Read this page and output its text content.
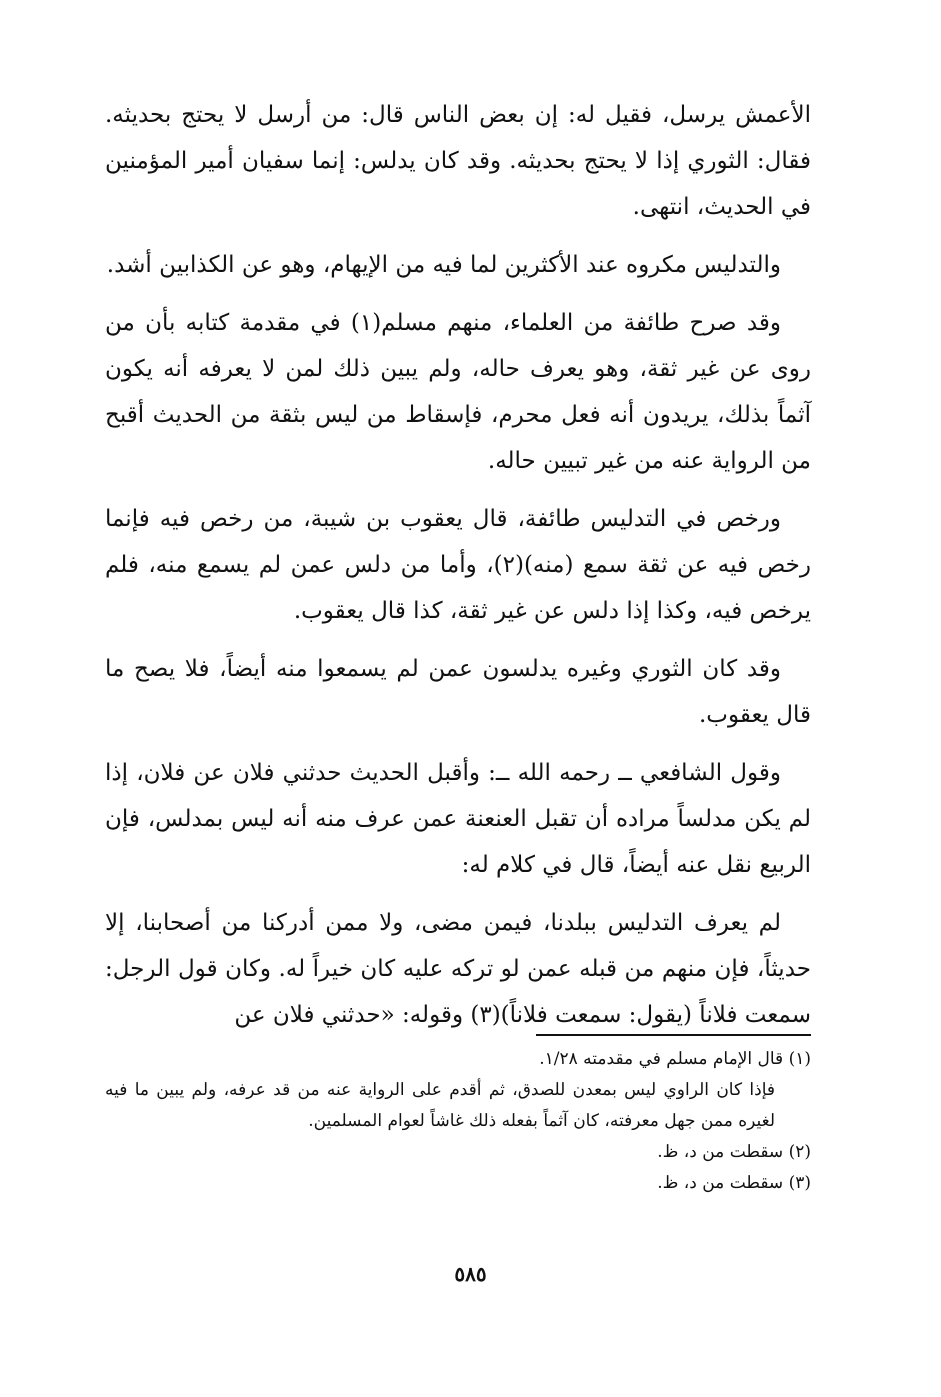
الأعمش يرسل، فقيل له: إن بعض الناس قال: من أرسل لا يحتج بحديثه. فقال: الثوري إذا لا يحتج بحديثه. وقد كان يدلس: إنما سفيان أمير المؤمنين في الحديث، انتهى.

والتدليس مكروه عند الأكثرين لما فيه من الإيهام، وهو عن الكذابين أشد.

وقد صرح طائفة من العلماء، منهم مسلم(١) في مقدمة كتابه بأن من روى عن غير ثقة، وهو يعرف حاله، ولم يبين ذلك لمن لا يعرفه أنه يكون آثماً بذلك، يريدون أنه فعل محرم، فإسقاط من ليس بثقة من الحديث أقبح من الرواية عنه من غير تبيين حاله.

ورخص في التدليس طائفة، قال يعقوب بن شيبة، من رخص فيه فإنما رخص فيه عن ثقة سمع (منه)(٢)، وأما من دلس عمن لم يسمع منه، فلم يرخص فيه، وكذا إذا دلس عن غير ثقة، كذا قال يعقوب.

وقد كان الثوري وغيره يدلسون عمن لم يسمعوا منه أيضاً، فلا يصح ما قال يعقوب.

وقول الشافعي ــ رحمه الله ــ: وأقبل الحديث حدثني فلان عن فلان، إذا لم يكن مدلساً مراده أن تقبل العنعنة عمن عرف منه أنه ليس بمدلس، فإن الربيع نقل عنه أيضاً، قال في كلام له:

لم يعرف التدليس ببلدنا، فيمن مضى، ولا ممن أدركنا من أصحابنا، إلا حديثاً، فإن منهم من قبله عمن لو تركه عليه كان خيراً له. وكان قول الرجل: سمعت فلاناً (يقول: سمعت فلاناً)(٣) وقوله: «حدثني فلان عن

(١) قال الإمام مسلم في مقدمته ١/٢٨.

فإذا كان الراوي ليس بمعدن للصدق، ثم أقدم على الرواية عنه من قد عرفه، ولم يبين ما فيه لغيره ممن جهل معرفته، كان آثماً بفعله ذلك غاشاً لعوام المسلمين.

(٢) سقطت من د، ظ.

(٣) سقطت من د، ظ.

٥٨٥
